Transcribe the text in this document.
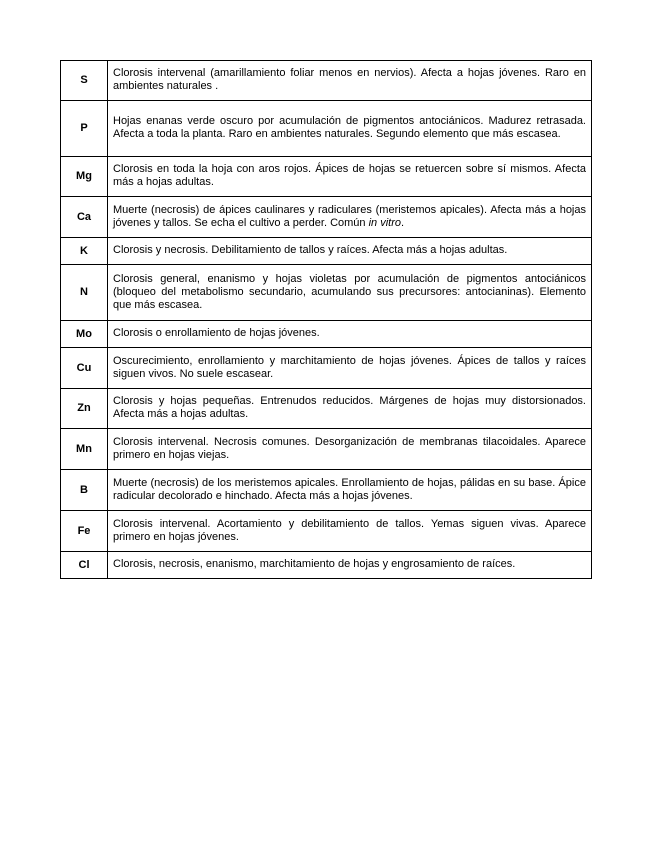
S	Clorosis intervenal (amarillamiento foliar menos en nervios). Afecta a hojas jóvenes. Raro en ambientes naturales .
P	Hojas enanas verde oscuro por acumulación de pigmentos antociánicos. Madurez retrasada. Afecta a toda la planta. Raro en ambientes naturales. Segundo elemento que más escasea.
Mg	Clorosis en toda la hoja con aros rojos. Ápices de hojas se retuercen sobre sí mismos. Afecta más a hojas adultas.
Ca	Muerte (necrosis) de ápices caulinares y radiculares (meristemos apicales). Afecta más a hojas jóvenes y tallos. Se echa el cultivo a perder. Común in vitro.
K	Clorosis y necrosis. Debilitamiento de tallos y raíces. Afecta más a hojas adultas.
N	Clorosis general, enanismo y hojas violetas por acumulación de pigmentos antociánicos (bloqueo del metabolismo secundario, acumulando sus precursores: antocianinas). Elemento que más escasea.
Mo	Clorosis o enrollamiento de hojas jóvenes.
Cu	Oscurecimiento, enrollamiento y marchitamiento de hojas jóvenes. Ápices de tallos y raíces siguen vivos. No suele escasear.
Zn	Clorosis y hojas pequeñas. Entrenudos reducidos. Márgenes de hojas muy distorsionados. Afecta más a hojas adultas.
Mn	Clorosis intervenal. Necrosis comunes. Desorganización de membranas tilacoidales. Aparece primero en hojas viejas.
B	Muerte (necrosis) de los meristemos apicales. Enrollamiento de hojas, pálidas en su base. Ápice radicular decolorado e hinchado. Afecta más a hojas jóvenes.
Fe	Clorosis intervenal. Acortamiento y debilitamiento de tallos. Yemas siguen vivas. Aparece primero en hojas jóvenes.
Cl	Clorosis, necrosis, enanismo, marchitamiento de hojas y engrosamiento de raíces.
